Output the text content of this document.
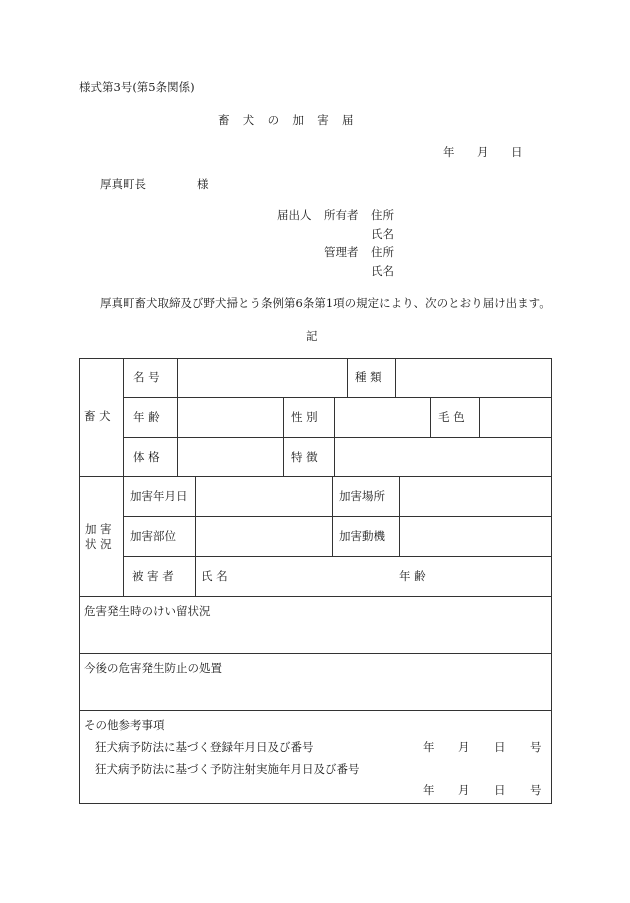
様式第3号(第5条関係)
畜　犬　の　加　害　届
年 月 日
厚真町長	様
届出人 所有者 住所
氏名
管理者 住所
氏名
厚真町畜犬取締及び野犬掃とう条例第6条第1項の規定により、次のとおり届け出ます。
記
畜 犬
名 号	種 類
年 齢	性 別	毛 色
体 格	特 徴
加 害
状 況
加害年月日	加害場所
加害部位	加害動機
被 害 者 氏 名	年 齢
危害発生時のけい留状況
今後の危害発生防止の処置
その他参考事項
狂犬病予防法に基づく登録年月日及び番号	年 月 日 号
狂犬病予防法に基づく予防注射実施年月日及び番号
年 月 日 号
